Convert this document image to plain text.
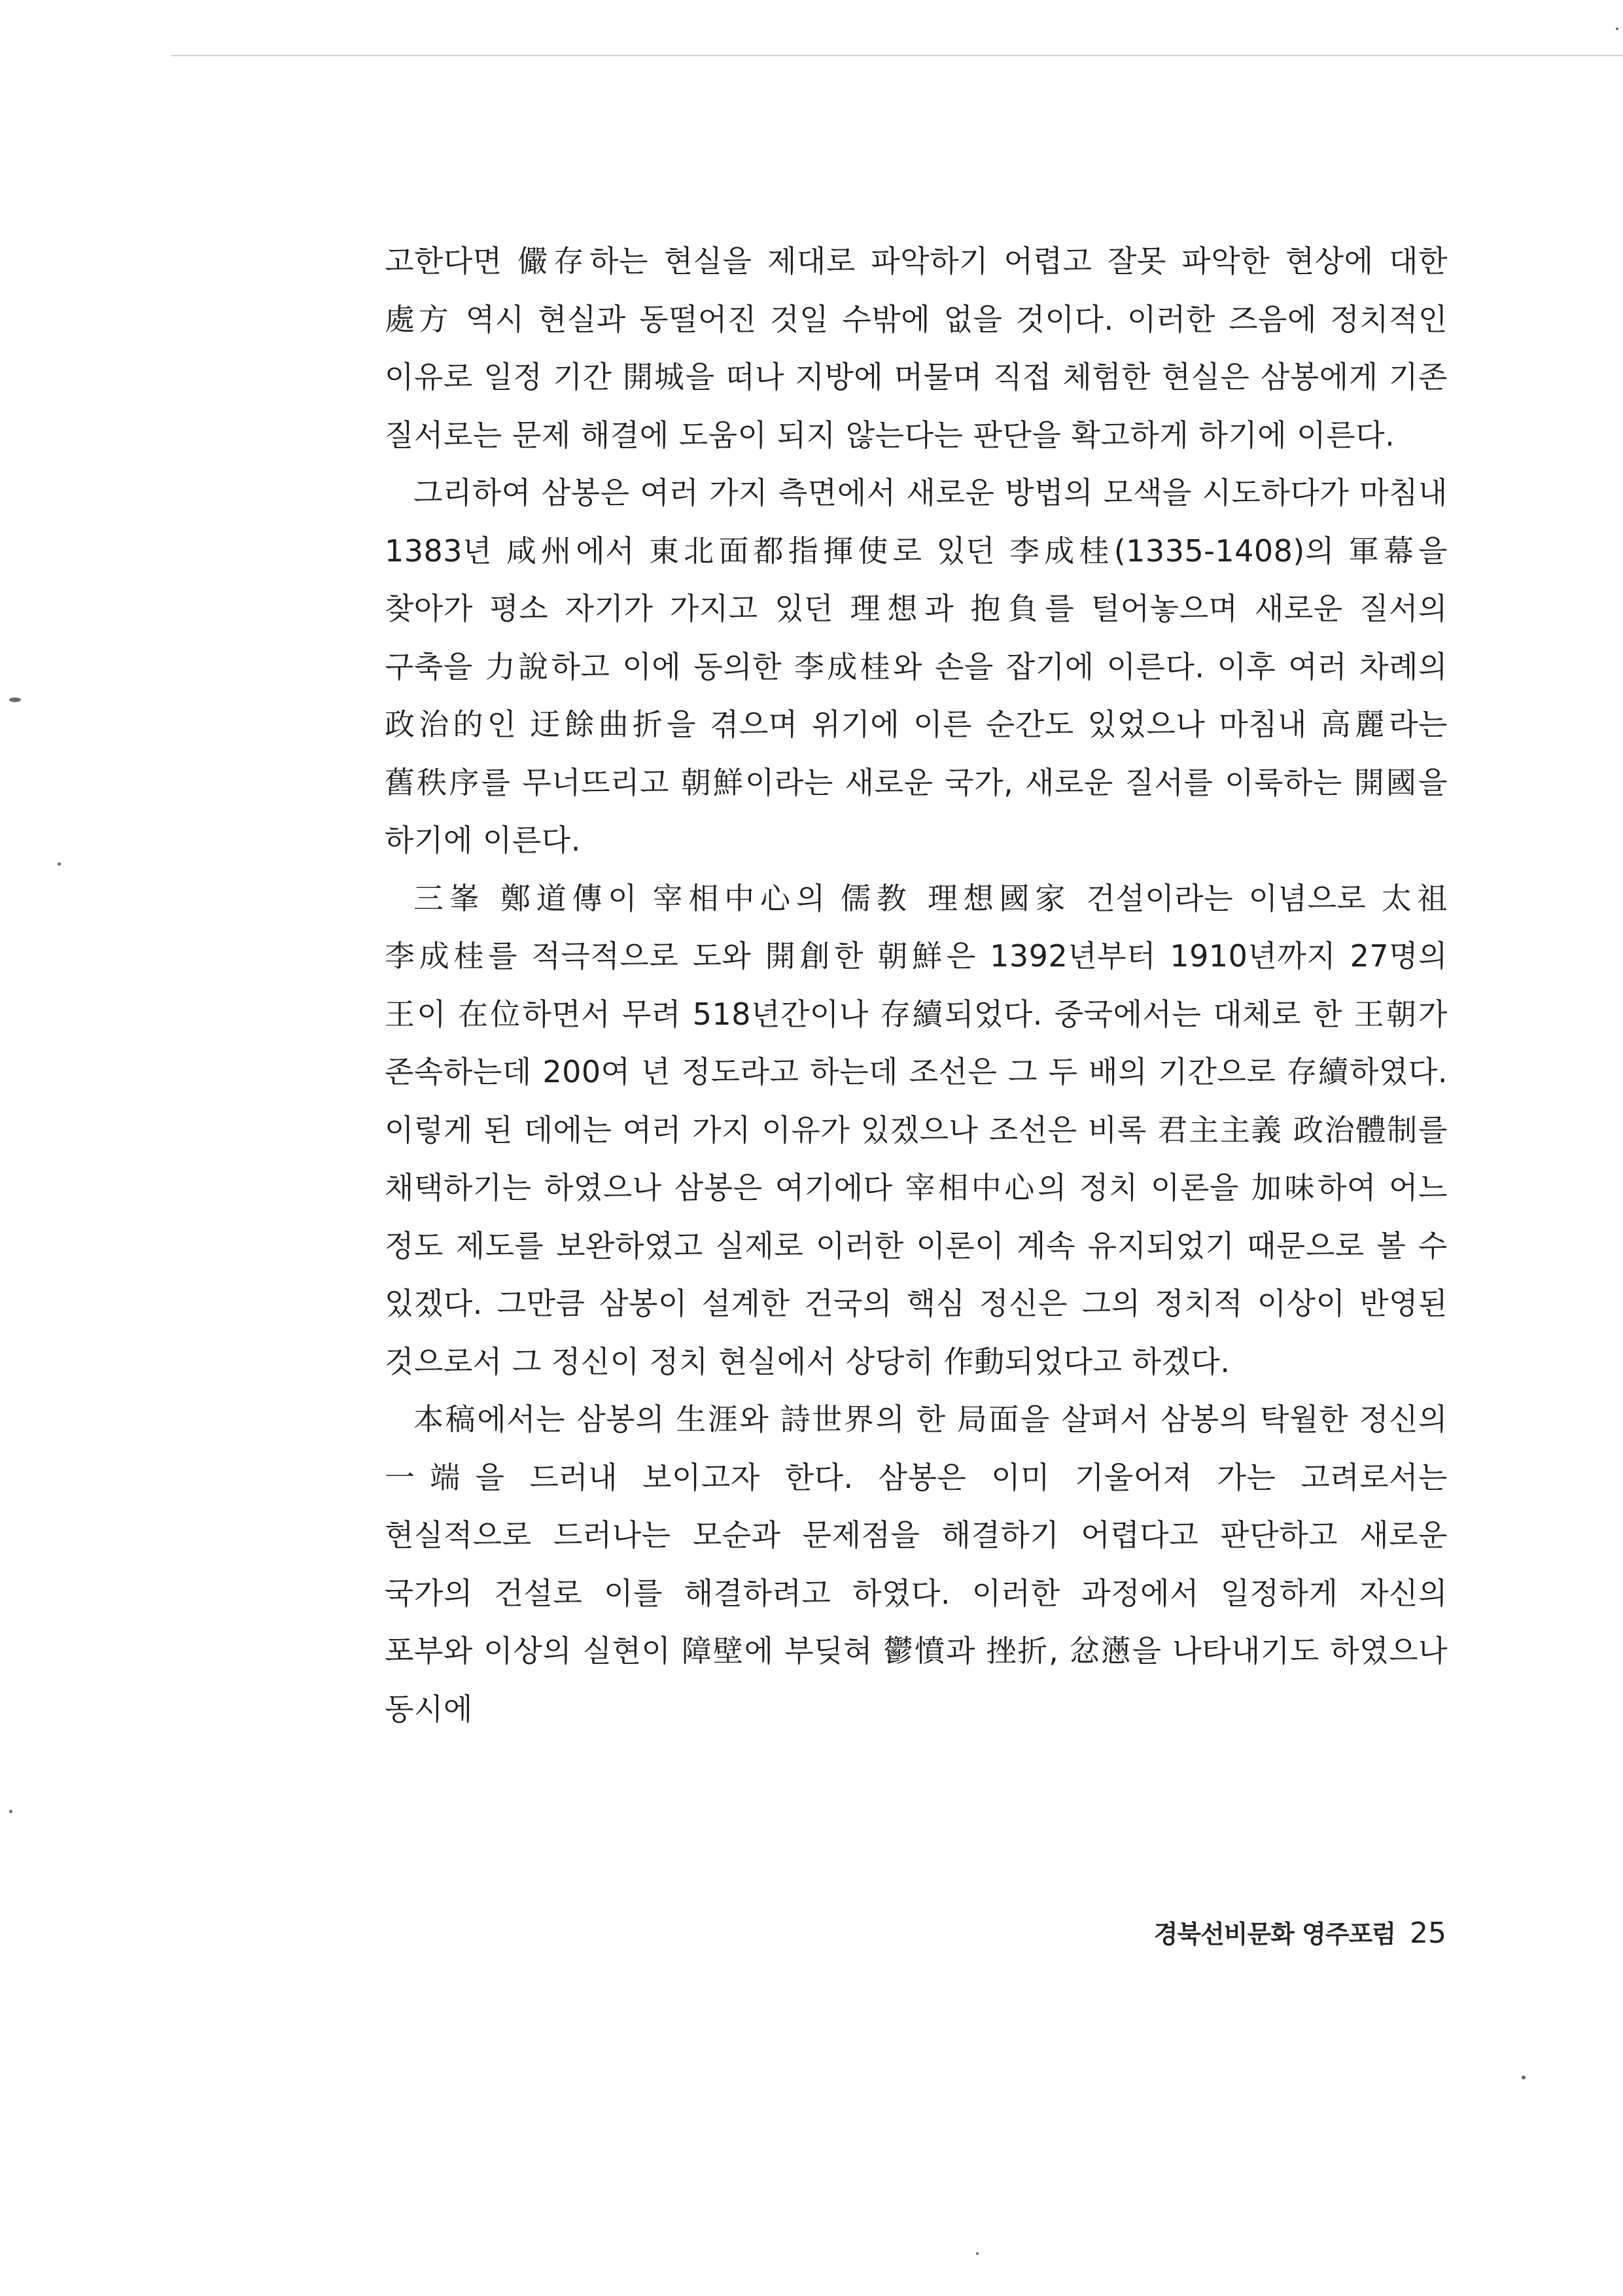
고한다면 儼存하는 현실을 제대로 파악하기 어렵고 잘못 파악한 현상에 대한 處方 역시 현실과 동떨어진 것일 수밖에 없을 것이다. 이러한 즈음에 정치적인 이유로 일정 기간 開城을 떠나 지방에 머물며 직접 체험한 현실은 삼봉에게 기존 질서로는 문제 해결에 도움이 되지 않는다는 판단을 확고하게 하기에 이른다.

그리하여 삼봉은 여러 가지 측면에서 새로운 방법의 모색을 시도하다가 마침내 1383년 咸州에서 東北面都指揮使로 있던 李成桂(1335-1408)의 軍幕을 찾아가 평소 자기가 가지고 있던 理想과 抱負를 털어놓으며 새로운 질서의 구축을 力說하고 이에 동의한 李成桂와 손을 잡기에 이른다. 이후 여러 차례의 政治的인 迂餘曲折을 겪으며 위기에 이른 순간도 있었으나 마침내 高麗라는 舊秩序를 무너뜨리고 朝鮮이라는 새로운 국가, 새로운 질서를 이룩하는 開國을 하기에 이른다.

三峯 鄭道傳이 宰相中心의 儒教 理想國家 건설이라는 이념으로 太祖 李成桂를 적극적으로 도와 開創한 朝鮮은 1392년부터 1910년까지 27명의 王이 在位하면서 무려 518년간이나 存續되었다. 중국에서는 대체로 한 王朝가 존속하는데 200여 년 정도라고 하는데 조선은 그 두 배의 기간으로 存續하였다. 이렇게 된 데에는 여러 가지 이유가 있겠으나 조선은 비록 君主主義 政治體制를 채택하기는 하였으나 삼봉은 여기에다 宰相中心의 정치 이론을 加味하여 어느 정도 제도를 보완하였고 실제로 이러한 이론이 계속 유지되었기 때문으로 볼 수 있겠다. 그만큼 삼봉이 설계한 건국의 핵심 정신은 그의 정치적 이상이 반영된 것으로서 그 정신이 정치 현실에서 상당히 作動되었다고 하겠다.

本稿에서는 삼봉의 生涯와 詩世界의 한 局面을 살펴서 삼봉의 탁월한 정신의 一端을 드러내 보이고자 한다. 삼봉은 이미 기울어져 가는 고려로서는 현실적으로 드러나는 모순과 문제점을 해결하기 어렵다고 판단하고 새로운 국가의 건설로 이를 해결하려고 하였다. 이러한 과정에서 일정하게 자신의 포부와 이상의 실현이 障壁에 부딪혀 鬱憤과 挫折, 忿懣을 나타내기도 하였으나 동시에

경북선비문화 영주포럼 25
